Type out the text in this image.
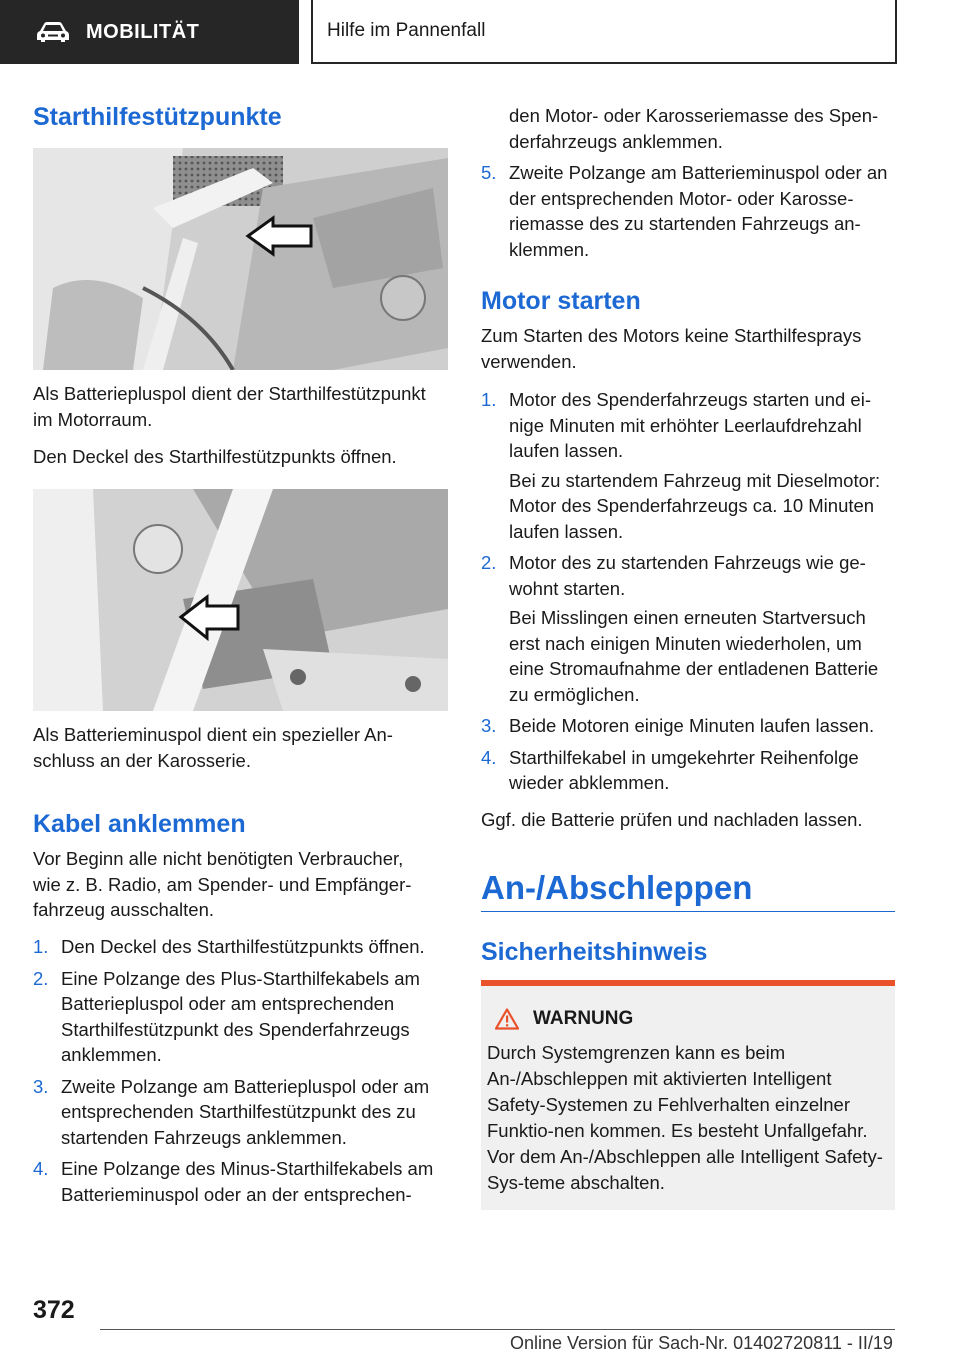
MOBILITÄT	Hilfe im Pannenfall
Starthilfestützpunkte

Als Batteriepluspol dient der Starthilfestützpunkt im Motorraum.

Den Deckel des Starthilfestützpunkts öffnen.

Als Batterieminuspol dient ein spezieller An-schluss an der Karosserie.

Kabel anklemmen

Vor Beginn alle nicht benötigten Verbraucher, wie z. B. Radio, am Spender- und Empfänger-fahrzeug ausschalten.

1. Den Deckel des Starthilfestützpunkts öffnen.
2. Eine Polzange des Plus-Starthilfekabels am Batteriepluspol oder am entsprechenden Starthilfestützpunkt des Spenderfahrzeugs anklemmen.
3. Zweite Polzange am Batteriepluspol oder am entsprechenden Starthilfestützpunkt des zu startenden Fahrzeugs anklemmen.
4. Eine Polzange des Minus-Starthilfekabels am Batterieminuspol oder an der entsprechen-

den Motor- oder Karosseriemasse des Spen-derfahrzeugs anklemmen.

5. Zweite Polzange am Batterieminuspol oder an der entsprechenden Motor- oder Karosse-riemasse des zu startenden Fahrzeugs an-klemmen.
Motor starten

Zum Starten des Motors keine Starthilfesprays verwenden.

1. Motor des Spenderfahrzeugs starten und ei-nige Minuten mit erhöhter Leerlaufdrehzahl laufen lassen.
Bei zu startendem Fahrzeug mit Dieselmotor: Motor des Spenderfahrzeugs ca. 10 Minuten laufen lassen.
2. Motor des zu startenden Fahrzeugs wie ge-wohnt starten.
Bei Misslingen einen erneuten Startversuch erst nach einigen Minuten wiederholen, um eine Stromaufnahme der entladenen Batterie zu ermöglichen.
3. Beide Motoren einige Minuten laufen lassen.
4. Starthilfekabel in umgekehrter Reihenfolge wieder abklemmen.

Ggf. die Batterie prüfen und nachladen lassen.

An-/Abschleppen
Sicherheitshinweis
WARNUNG
Durch Systemgrenzen kann es beim An-/Abschleppen mit aktivierten Intelligent Safety-Systemen zu Fehlverhalten einzelner Funktio-nen kommen. Es besteht Unfallgefahr. Vor dem An-/Abschleppen alle Intelligent Safety-Sys-teme abschalten.
372
Online Version für Sach-Nr. 01402720811 - II/19
